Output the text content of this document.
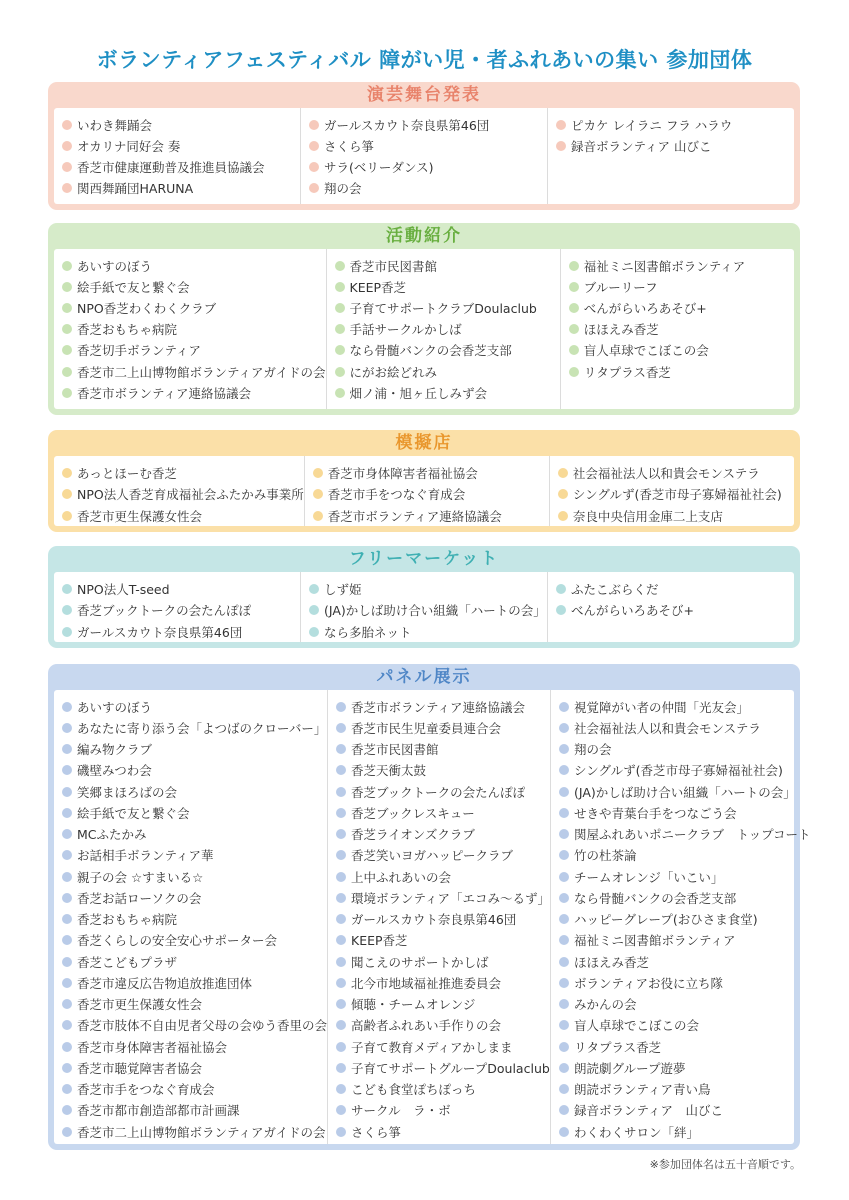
ボランティアフェスティバル 障がい児・者ふれあいの集い 参加団体
演芸舞台発表
いわき舞踊会
オカリナ同好会 奏
香芝市健康運動普及推進員協議会
関西舞踊団HARUNA
ガールスカウト奈良県第46団
さくら箏
サラ(ベリーダンス)
翔の会
ピカケ レイラニ フラ ハラウ
録音ボランティア 山びこ
活動紹介
あいすのぼう
絵手紙で友と繋ぐ会
NPO香芝わくわくクラブ
香芝おもちゃ病院
香芝切手ボランティア
香芝市二上山博物館ボランティアガイドの会
香芝市ボランティア連絡協議会
香芝市民図書館
KEEP香芝
子育てサポートクラブDoulaclub
手話サークルかしば
なら骨髄バンクの会香芝支部
にがお絵どれみ
畑ノ浦・旭ヶ丘しみず会
福祉ミニ図書館ボランティア
ブルーリーフ
べんがらいろあそび+
ほほえみ香芝
盲人卓球でこぼこの会
リタプラス香芝
模擬店
あっとほーむ香芝
NPO法人香芝育成福祉会ふたかみ事業所
香芝市更生保護女性会
香芝市身体障害者福祉協会
香芝市手をつなぐ育成会
香芝市ボランティア連絡協議会
社会福祉法人以和貴会モンステラ
シングルず(香芝市母子寡婦福祉社会)
奈良中央信用金庫二上支店
フリーマーケット
NPO法人T-seed
香芝ブックトークの会たんぽぽ
ガールスカウト奈良県第46団
しず姫
(JA)かしば助け合い組織「ハートの会」
なら多胎ネット
ふたこぶらくだ
べんがらいろあそび+
パネル展示
あいすのぼう
あなたに寄り添う会「よつばのクローバー」
編み物クラブ
磯壁みつわ会
笑郷まほろばの会
絵手紙で友と繋ぐ会
MCふたかみ
お話相手ボランティア華
親子の会 ☆すまいる☆
香芝お話ローソクの会
香芝おもちゃ病院
香芝くらしの安全安心サポーター会
香芝こどもプラザ
香芝市違反広告物追放推進団体
香芝市更生保護女性会
香芝市肢体不自由児者父母の会ゆう香里の会
香芝市身体障害者福祉協会
香芝市聴覚障害者協会
香芝市手をつなぐ育成会
香芝市都市創造部都市計画課
香芝市二上山博物館ボランティアガイドの会
香芝市ボランティア連絡協議会
香芝市民生児童委員連合会
香芝市民図書館
香芝天衝太鼓
香芝ブックトークの会たんぽぽ
香芝ブックレスキュー
香芝ライオンズクラブ
香芝笑いヨガハッピークラブ
上中ふれあいの会
環境ボランティア「エコみ〜るず」
ガールスカウト奈良県第46団
KEEP香芝
聞こえのサポートかしば
北今市地域福祉推進委員会
傾聴・チームオレンジ
高齢者ふれあい手作りの会
子育て教育メディアかしまま
子育てサポートグループDoulaclub
こども食堂ぽちぽっち
サークル　ラ・ボ
さくら箏
視覚障がい者の仲間「光友会」
社会福祉法人以和貴会モンステラ
翔の会
シングルず(香芝市母子寡婦福祉社会)
(JA)かしば助け合い組織「ハートの会」
せきや青葉台手をつなごう会
関屋ふれあいポニークラブ　トップコート
竹の杜茶論
チームオレンジ「いこい」
なら骨髄バンクの会香芝支部
ハッピーグレープ(おひさま食堂)
福祉ミニ図書館ボランティア
ほほえみ香芝
ボランティアお役に立ち隊
みかんの会
盲人卓球でこぼこの会
リタプラス香芝
朗読劇グループ遊夢
朗読ボランティア青い鳥
録音ボランティア　山びこ
わくわくサロン「絆」
※参加団体名は五十音順です。
